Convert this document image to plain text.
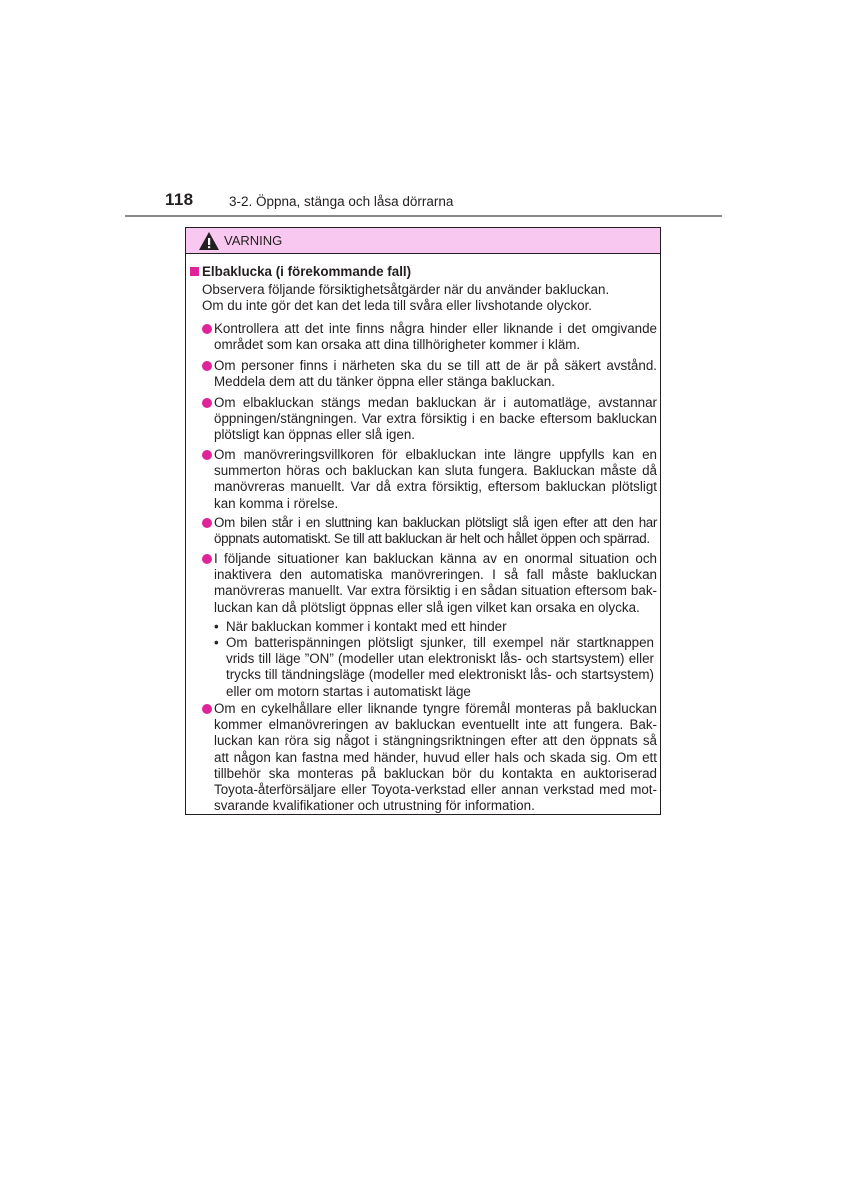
118	3-2. Öppna, stänga och låsa dörrarna
VARNING
Elbaklucka (i förekommande fall)
Observera följande försiktighetsåtgärder när du använder bakluckan.
Om du inte gör det kan det leda till svåra eller livshotande olyckor.
Kontrollera att det inte finns några hinder eller liknande i det omgivande området som kan orsaka att dina tillhörigheter kommer i kläm.
Om personer finns i närheten ska du se till att de är på säkert avstånd. Meddela dem att du tänker öppna eller stänga bakluckan.
Om elbakluckan stängs medan bakluckan är i automatläge, avstannar öppningen/stängningen. Var extra försiktig i en backe eftersom bakluckan plötsligt kan öppnas eller slå igen.
Om manövreringsvillkoren för elbakluckan inte längre uppfylls kan en summerton höras och bakluckan kan sluta fungera. Bakluckan måste då manövreras manuellt. Var då extra försiktig, eftersom bakluckan plötsligt kan komma i rörelse.
Om bilen står i en sluttning kan bakluckan plötsligt slå igen efter att den har öppnats automatiskt. Se till att bakluckan är helt och hållet öppen och spärrad.
I följande situationer kan bakluckan känna av en onormal situation och inaktivera den automatiska manövreringen. I så fall måste bakluckan manövreras manuellt. Var extra försiktig i en sådan situation eftersom bakluckan kan då plötsligt öppnas eller slå igen vilket kan orsaka en olycka.
• När bakluckan kommer i kontakt med ett hinder
• Om batterispänningen plötsligt sjunker, till exempel när startknappen vrids till läge ”ON” (modeller utan elektroniskt lås- och startsystem) eller trycks till tändningsläge (modeller med elektroniskt lås- och startsystem) eller om motorn startas i automatiskt läge
Om en cykelhållare eller liknande tyngre föremål monteras på bakluckan kommer elmanövreringen av bakluckan eventuellt inte att fungera. Bakluckan kan röra sig något i stängningsriktningen efter att den öppnats så att någon kan fastna med händer, huvud eller hals och skada sig. Om ett tillbehör ska monteras på bakluckan bör du kontakta en auktoriserad Toyota-återförsäljare eller Toyota-verkstad eller annan verkstad med motsvarande kvalifikationer och utrustning för information.
